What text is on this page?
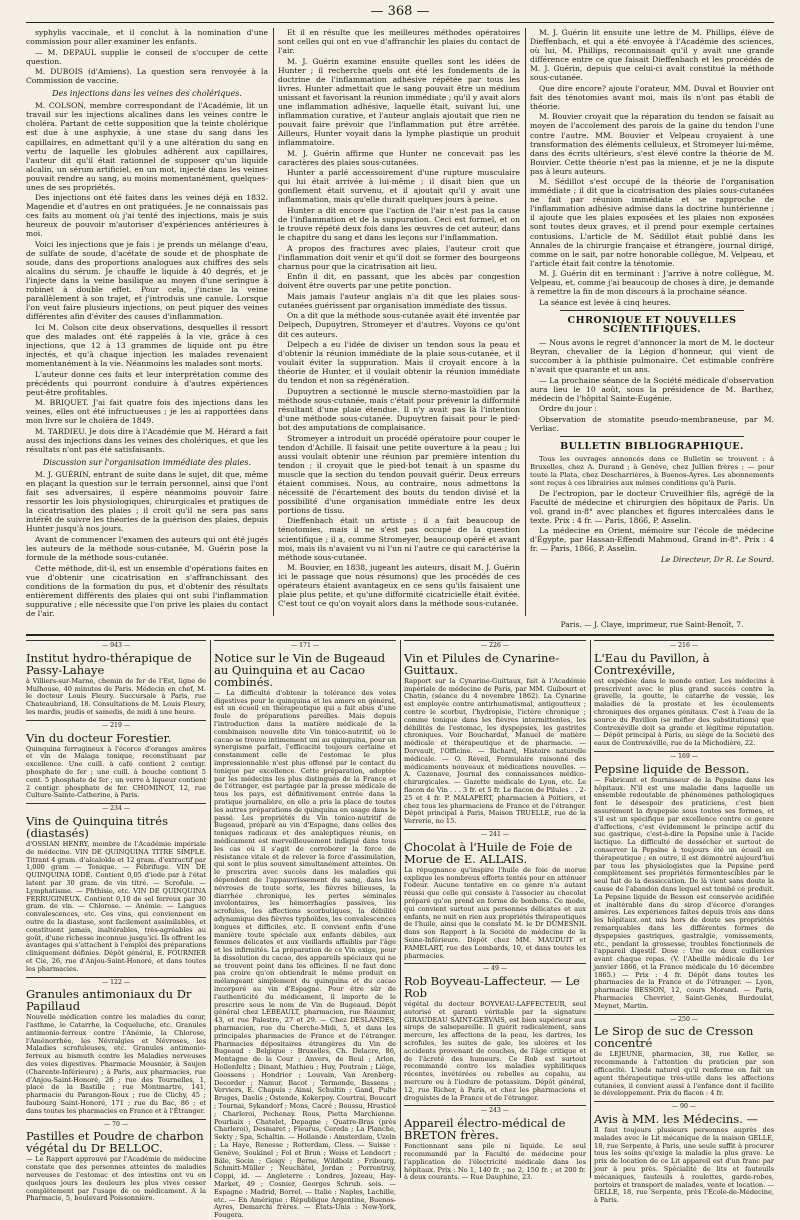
— 368 —

syphylis vaccinale, et il conclut à la nomination d'une commission pour aller examiner les enfants.

— M. DEPAUL supplie le conseil de s'occuper de cette question.

M. DUBOIS (d'Amiens). La question sera renvoyée à la Commission de vaccine.

Des injections dans les veines des cholériques.

M. COLSON, membre correspondant de l'Académie, lit un travail sur les injections alcalines dans les veines contre le choléra. Partant de cette supposition que la teinte cholérique est due à une asphyxie, à une stase du sang dans les capillaires, en admettant qu'il y a une altération du sang en vertu de laquelle les globules adhèrent aux capillaires, l'auteur dit qu'il était rationnel de supposer qu'un liquide alcalin, un sérum artificiel, en un mot, injecté dans les veines pouvait rendre au sang, au moins momentanément, quelques-unes de ses propriétés.

Des injections ont été faites dans les veines déjà en 1832. Magendie et d'autres en ont pratiquées. Je ne connaissais pas ces faits au moment où j'ai tenté des injections, mais je suis heureux de pouvoir m'autoriser d'expériences antérieures à moi.

Voici les injections que je fais : je prends un mélange d'eau, de sulfate de soude, d'acétate de soude et de phosphate de soude, dans des proportions analogues aux chiffres des sels alcalins du sérum. Je chauffe le liquide à 40 degrés, et je l'injecte dans la veine basilique au moyen d'une seringue à robinet à double effet. Pour cela, j'incise la veine parallèlement à son trajet, et j'introduis une canule. Lorsque l'on veut faire plusieurs injections, on peut piquer des veines différentes afin d'éviter des causes d'inflammation.

Ici M. Colson cite deux observations, desquelles il ressort que des malades ont été rappelés à la vie, grâce à ces injections, que 12 à 13 grammes de liquide ont pu être injectés, et qu'à chaque injection les malades revenaient momentanément à la vie. Néanmoins les malades sont morts.

L'auteur donne ces faits et leur interprétation comme des précédents qui pourront conduire à d'autres expériences peut-être profitables.

M. BRIQUET. J'ai fait quatre fois des injections dans les veines, elles ont été infructueuses ; je les ai rapportées dans mon livre sur le choléra de 1849.

M. TARDIEU. Je dois dire à l'Académie que M. Hérard a fait aussi des injections dans les veines des cholériques, et que les résultats n'ont pas été satisfaisants.

Discussion sur l'organisation immédiate des plaies.

M. J. GUÉRIN, entrant de suite dans le sujet, dit que, même en plaçant la question sur le terrain personnel, ainsi que l'ont fait ses adversaires, il espère néanmoins pouvoir faire ressortir les lois physiologiques, chirurgicales et pratiques de la cicatrisation des plaies ; il croit qu'il ne sera pas sans intérêt de suivre les théories de la guérison des plaies, depuis Hunter jusqu'à nos jours.

Avant de commencer l'examen des auteurs qui ont été jugés les auteurs de la méthode sous-cutanée, M. Guérin pose la formule de la méthode sous-cutanée.

Cette méthode, dit-il, est un ensemble d'opérations faites en vue d'obtenir une cicatrisation en s'affranchissant des conditions de la formation du pus, et d'obtenir des résultats entièrement différents des plaies qui ont subi l'inflammation suppurative ; elle nécessite que l'on prive les plaies du contact de l'air.

Et il en résulte que les meilleures méthodes opératoires sont celles qui ont en vue d'affranchir les plaies du contact de l'air.

M. J. Guérin examine ensuite quelles sont les idées de Hunter ; il recherche quels ont été les fondements de la doctrine de l'inflammation adhésive répétée par tous les livres. Hunter admettait que le sang pouvait être un médium unissant et favorisant la réunion immédiate ; qu'il y avait alors une inflammation adhésive, laquelle était, suivant lui, une inflammation curative, et l'auteur anglais ajoutait que rien ne pouvait faire prévoir que l'inflammation put être arrêtée. Ailleurs, Hunter voyait dans la lymphe plastique un produit inflammatoire.

M. J. Guérin affirme que Hunter ne concevait pas les caractères des plaies sous-cutanées.

Hunter a parlé accessoirement d'une rupture musculaire qui lui était arrivée à lui-même ; il disait bien que un gonflement était survenu, et il ajoutait qu'il y avait une inflammation, mais qu'elle durait quelques jours à peine.

Hunter a dit encore que l'action de l'air n'est pas la cause de l'inflammation et de la suppuration. Ceci est formel, et on le trouve répété deux fois dans les œuvres de cet auteur, dans le chapitre du sang et dans les leçons sur l'inflammation.

A propos des fractures avec plaies, l'auteur croit que l'inflammation doit venir et qu'il doit se former des bourgeons charnus pour que la cicatrisation ait lieu.

Enfin il dit, en passant, que les abcès par congestion doivent être ouverts par une petite ponction.

Mais jamais l'auteur anglais n'a dit que les plaies sous-cutanées guérissent par organisation immédiate des tissus.

On a dit que la méthode sous-cutanée avait été inventée par Delpech, Dupuytren, Stromeyer et d'autres. Voyons ce qu'ont dit ces auteurs.

Delpech a eu l'idée de diviser un tendon sous la peau et d'obtenir la réunion immédiate de la plaie sous-cutanée, et il voulait éviter la suppuration. Mais il croyait encore à la théorie de Hunter, et il voulait obtenir la réunion immédiate du tendon et non sa régénération.

Dupuytren a sectionné le muscle sterno-mastoïdien par la méthode sous-cutanée, mais c'était pour prévenir la difformité résultant d'une plaie étendue. Il n'y avait pas là l'intention d'une méthode sous-cutanée. Dupuytren faisait pour le pied-bot des amputations de complaisance.

Stromeyer a introduit un procédé opératoire pour couper le tendon d'Achille. Il faisait une petite ouverture à la peau ; lui aussi voulait obtenir une réunion par première intention du tendon ; il croyait que le pied-bot tenait à un spasme du muscle que la section du tendon pouvait guérir. Deux erreurs étaient commises. Nous, au contraire, nous admettons la nécessité de l'écartement des bouts du tendon divisé et la possibilité d'une organisation immédiate entre les deux portions de tissu.

Dieffenbach était un artiste ; il a fait beaucoup de ténotomies, mais il ne s'est pas occupé de la question scientifique ; il a, comme Stromeyer, beaucoup opéré et avant moi, mais ils n'avaient vu ni l'un ni l'autre ce qui caractérise la méthode sous-cutanée.

M. Bouvier, en 1838, jugeant les auteurs, disait M. J. Guérin ici le passage que nous résumons) que les procédés de ces opérateurs étaient avantageux en ce sens qu'ils faisaient une plaie plus petite, et qu'une difformité cicatricielle était évitée. C'est tout ce qu'on voyait alors dans la méthode sous-cutanée.

M. J. Guérin lit ensuite une lettre de M. Phillips, élève de Dieffenbach, et qui a été envoyée à l'Académie des sciences, où lui, M. Phillips, reconnaissait qu'il y avait une grande différence entre ce que faisait Dieffenbach et les procédés de M. J. Guérin, depuis que celui-ci avait constitué la méthode sous-cutanée.

Que dire encore? ajoute l'orateur, MM. Duval et Bouvier ont fait des ténotomies avant moi, mais ils n'ont pas établi de théorie.

M. Bouvier croyait que la réparation du tendon se faisait au moyen de l'accolement des parois de la gaine du tendon l'une contre l'autre. MM. Bouvier et Velpeau croyaient à une transformation des éléments celluleux, et Stromeyer lui-même, dans des écrits ultérieurs, s'est élevé contre la théorie de M. Bouvier. Cette théorie n'est pas la mienne, et je ne la dispute pas à leurs auteurs.

M. Sédillot s'est occupé de la théorie de l'organisation immédiate ; il dit que la cicatrisation des plaies sous-cutanées ne fait par réunion immédiate et se rapproche de l'inflammation adhésive admise dans la doctrine huntérienne ; il ajoute que les plaies exposées et les plaies non exposées sont toutes deux graves, et il prend pour exemple certaines contusions. L'article de M. Sédillot était publié dans les Annales de la chirurgie française et étrangère, journal dirigé, comme on le sait, par notre honorable collègue, M. Velpeau, et l'article était fait contre la ténotomie.

M. J. Guérin dit en terminant : J'arrive à notre collègue, M. Velpeau, et, comme j'ai beaucoup de choses à dire, je demande à remettre la fin de mon discours à la prochaine séance.

La séance est levée à cinq heures.

CHRONIQUE ET NOUVELLES SCIENTIFIQUES.

— Nous avons le regret d'annoncer la mort de M. le docteur Beyran, chevalier de la Légion d'honneur, qui vient de succomber à la phthisie pulmonaire. Cet estimable confrère n'avait que quarante et un ans.

— La prochaine séance de la Société médicale d'observation aura lieu le 10 août, sous la présidence de M. Barthez, médecin de l'hôpital Sainte-Eugénie.

Ordre du jour :

Observation de stomatite pseudo-membraneuse, par M. Verliac.

BULLETIN BIBLIOGRAPHIQUE.

Tous les ouvrages annoncés dans ce Bulletin se trouvent : à Bruxelles, chez A. Durand ; à Genève, chez Jullien frères ; — pour toute la Plata, chez Descharrières, à Buenos-Ayres. Les abonnements sont reçus à ces librairies aux mêmes conditions qu'à Paris.

De l'ectropion, par le docteur Cruveilhier fils, agrégé de la Faculté de médecine et chirurgien des hôpitaux de Paris. Un vol. grand in-8° avec planches et figures intercalées dans le texte. Prix : 4 fr. — Paris, 1866, P. Asselin.

La médecine en Orient, mémoire sur l'école de médecine d'Égypte, par Hassan-Effendi Mahmoud, Grand in-8°. Prix : 4 fr. — Paris, 1866, P. Asselin.

Le Directeur, Dr R. Le Sourd.

Paris. — J. Claye, imprimeur, rue Saint-Benoît, 7.
— 943 —
Institut hydro-thérapique de Passy-Lahaye

à Villiers-sur-Marne, chemin de fer de l'Est, ligne de Mulhouse, 40 minutes de Paris. Médecin en chef, M. le docteur Louis Fleury. Succursale à Paris, rue Chateaubriand, 18. Consultations de M. Louis Fleury, les mardis, jeudis et samedis, de midi à une heure.

— 219 —
Vin du docteur Forestier.

Quinquina ferrugineux à l'écorce d'oranges amères et vin de Malaga tonique, reconstituant par excellence. Une cuill. à café contient 2 centigr. phosphate de fer ; une cuill. à bouche contient 5 cent. 5 phosphate de fer ; un verre à liqueur contient 2 centigr. phosphate de fer. CHOMINOT, 12, rue Culture-Sainte-Catherine, à Paris.

— 234 —
Vins de Quinquina titrés (diastasés)

d'OSSIAN HENRY, membre de l'Académie impériale de médecine. VIN DE QUINQUINA TITRE SIMPLE. Titrant 4 gram. d'alcaloïde et 12 gram. d'extractif par 1,000 gram — Tonique. — Fébrifuge. VIN DE QUINQUINA IODÉ. Contient 0,05 d'iode par à l'état latent par 30 gram. de vin titré. — Scrofule. — Lymphatisme. — Phthisie, etc. VIN DE QUINQUINA FERRUGINEUX. Contient 0,10 de sel ferreux par 30 gram. de vin. — Chlorose. — Anémie. — Langues convalescences, etc. Ces vins, qui conviennent en outre de la diastase, sont facilement assimilables, et constituent jamais, inaltérables, très-agréables au goût, d'une richesse inconnue jusqu'ici. Ils offrent les avantages qui s'attachent à l'emploi des préparations cliniquement définies. Dépôt général, E. FOURNIER et Cie, 26, rue d'Anjou-Saint-Honoré, et dans toutes les pharmacies.

— 122 —
Granules antimoniaux du Dr Papillaud

Nouvelle médication contre les maladies du cœur, l'asthme, le Catarrhe, la Coqueluche, etc. Granules antimonio-ferreux contre l'Anémie, la Chlorose, l'Aménorrhée, les Névralgies et Névroses, les Maladies scrofuleuses, etc. Granules antimonio-ferreux au bismuth contre les Maladies nerveuses des voies digestives. Pharmacie Mousnier, à Saujon (Charente-Inférieure) ; à Paris, aux pharmacies, rue d'Anjou-Saint-Honoré, 26 ; rue des Tournelles, 1, place de la Bastille ; rue Montmartre, 141, pharmacie du Parangon-Roux ; rue de Clichy, 45 ; faubourg Saint-Honoré, 171 ; rue du Bac, 86 ; et dans toutes les pharmacies en France et à l'Étranger.

— 70 —
Pastilles et Poudre de charbon végétal du Dr BELLOC.

— Le Rapport approuvé par l'Académie de médecine constate que des personnes atteintes de maladies nerveuses de l'estomac et des intestins ont vu en quelques jours les douleurs les plus vives cesser complètement par l'usage de ce médicament. A la Pharmacie, 5, boulevard Poissonnière.

— 171 —
Notice sur le Vin de Bugeaud au Quinquina et au Cacao combinés.

— La difficulté d'obtenir la tolérance des voies digestives pour le quinquina et les amers en général, est un écueil en thérapeutique qui a fait abus d'une foule de préparations pareilles. Mais depuis l'introduction dans la matière médicale de la combinaison nouvelle dite Vin tonico-nutritif, où le cacao se trouve intimement uni au quinquina, pour un synergisme parfait, l'efficacité toujours certaine et constamment celle de l'estomac le plus impressionnable n'est plus offensé par le contact du tonique par excellence. Cette préparation, adoptée par les médecins les plus distingués de la France et de l'étranger, est partagée par la presse médicale de tous les pays, est définitivement entrée dans la pratique journalière, en elle a pris la place de toutes les autres préparations de quinquina en usage dans le passé. Les propriétés du Vin tonico-nutritif de Bugeaud, préparé au vin d'Espagne, dans celles des toniques radicaux et des analeptiques réunis, en médicament est merveilleusement indiqué dans tous les cas où il s'agit de corroborer la force de résistance vitale et de relever la force d'assimilation, qui sont le plus souvent simultanément atteintes. On le prescrira avec succès dans les maladies qui dépendent de l'appauvrissement du sang, dans les névroses de toute sorte, les fièvres bilieuses, la diarrhée chronique, les pertes séminales involontaires, les hémorrhagies passives, les scrofules, les affections scorbutiques, la débilité adynamique des fièvres typhoïdes, les convalescences longues et difficiles, etc. Il convient enfin d'une manière toute spéciale aux enfants débiles, aux femmes délicates et aux vieillards affaiblis par l'âge et les infirmités. La préparation de ce Vin exige, pour la dissolution du cacao, des appareils spéciaux qui ne se trouvent point dans les officines. Il ne faut donc pas croire qu'on obtiendrait le même produit en mélangeant simplement du quinquina et du cacao incorporé au vin d'Espagne. Pour être sûr de l'authenticité du médicament, il importe de le prescrire sous le nom de Vin de Bugeaud. Dépôt général chez LEBEAULT, pharmacien, rue Réaumur, 43, et rue Palestro, 27 et 29. — Chez DESLANDES, pharmacien, rue du Cherche-Midi, 5, et dans les principales pharmacies de France et de l'étranger. Pharmacies dépositaires étrangères du Vin de Bugeaud : Belgique : Bruxelles, Ch. Delacre, 86, Montagne de la Cour ; Anvers, de Beul ; Arlon, Hollenfeltz ; Dinant, Mathieu ; Huy, Poutrain ; Liège, Goossens ; Hondrior ; Louvain, Van Arenberg-Decorder ; Namur, Bacot ; Termonde, Bassens ; Verviers, E. Chapuis ; Ainsi, Schultin ; Gand, Pulte Bruges, Daelis ; Ostende, Kokerpoy. Courtrai, Boucart ; Tournai, Sykandorf ; Mons, Cacré ; Boussu, Hrusticé ; Charleroi, Pechenay. Rous, Pietta Marchienne. Pourbaix ; Chatelet, Depagne ; Quatre-Bras (près Charleroi), Desmaret ; Fleurus, Cereda ; La Planche, Sekty ; Spa, Schaltin. — Hollande : Amsterdam, Uzeln ; La Haye, Renesse ; Rotterdam, Cless. — Suisse : Genève, Soukinel ; Fol et Brun ; Weiss et Lendecrt ; Bâle, Socin ; Geigy ; Berne, Wildbolz ; Fribourg, Schmitt-Müller ; Neuchâtel, Jordan ; Porrentruy, Coppi, id. — Angleterre : Londres, Jozeau, Hay-Market, 49 ; Cosnier, Georges Schrub. sois. — Espagne : Madrid, Borrel. — Italie : Naples, Lachille, etc. — En Amérique : République Argentine, Buenos-Ayres, Demarchi frères. — États-Unis : New-York, Fougera.

— 226 —
Vin et Pilules de Cynarine-Guittaux.

Rapport sur la Cynarine-Guittaux, fait à l'Académie impériale de médecine de Paris, par MM. Guibourt et Chatin, (séance du 4 novembre 1862). La Cynarine est employée contre antirhumatismal, antigoutteux ; contre le scorbut, l'hydropisie, l'ictère chronique ; comme tonique dans les fièvres intermittentes, les débilités de l'estomac, les dyspepsies, les gastrites chroniques. Voir Bouchardat, Manuel de matière médicale et thérapeutique et de pharmacie. — Dorvault, l'Officine. — Richard, Histoire naturelle médicale. — O. Réveil, Formulaire raisonné des médicaments nouveaux et médications nouvelles. — A. Cazenave, Journal des connaissances médico-chirurgicales. — Gazette médicale de Lyon, etc. Le flacon de Vin . . . 3 fr. et 5 fr. Le flacon de Pilules . . 2-25 et 4 fr. P. MALAPERT, pharmacien à Poitiers, et chez tous les pharmaciens de France et de l'étranger. Dépôt principal à Paris, Maison TRUELLE, rue de la Verrerie, no 15.

— 241 —
Chocolat à l'Huile de Foie de Morue de E. ALLAIS.

La répugnance qu'inspire l'huile de foie de morue explique les nombreux efforts tentés pour en atténuer l'odeur. Aucune tentative en ce genre n'a autant réussi que celle qui consiste à l'associer au chocolat préparé qu'on prend en forme de bonbons. Ce mode, qui convient surtout aux personnes délicates et aux enfants, ne nuit en rien aux propriétés thérapeutiques de l'huile, ainsi que le constate M. le Dr DUMESNIL dans son Rapport à la Société de médecine de la Seine-Inférieure. Dépôt chez MM. MAUDUIT et FAMELART, rue des Lombards, 10, et dans toutes les pharmacies.

— 49 —
Rob Boyveau-Laffecteur. — Le Rob

végétal du docteur BOYVEAU-LAFFECTEUR, seul autorisé et garanti véritable par la signature GIRAUDEAU SAINT-GERVAIS, est bien supérieur aux sirops de salsepareille. Il guérit radicalement, sans mercure, les affections de la peau, les dartres, les scrofules, les suites de gale, les ulcères et les accidents provenant de couches, de l'âge critique et de l'âcreté des humeurs. Ce Rob est surtout recommandé contre les maladies syphilitiques récentes, invétérées ou rebelles au copahu, au mercure ou à l'iodure de potassium. Dépôt général, 12, rue Richer, à Paris, et chez les pharmaciens et droguistes de la France et de l'étranger.

— 243 —
Appareil électro-médical de BRETON frères.

Fonctionnant sans pile ni liquide. Le seul recommandé par la Faculté de médecine pour l'application de l'électricité médicale dans les hôpitaux. Prix : No 1, 140 fr. ; no 2, 150 fr. ; et 200 fr. à deux courants. — Rue Dauphine, 23.

— 216 —
L'Eau du Pavillon, à Contrexéville,

est expédiée dans le monde entier. Les médecins à prescrivent avec le plus grand succès contre la gravelle, la goutte, le catarrhe de vessie, les maladies de la prostate et les écoulements chroniques des organes génitaux. C'est à l'eau de la source du Pavillon (se méfier des substitutions) que Contrexéville doit sa grande et légitime réputation. — Dépôt principal à Paris, au siège de la Société des eaux de Contrexéville, rue de la Michodière, 22.

— 169 —
Pepsine liquide de Besson.

— Fabricant et fournisseur de la Pepsine dans les hôpitaux. N'il est une maladie dans laquelle un ensemble redoutable de phénomènes pathologiques font le désespoir des praticiens, c'est bien assurément la dyspepsie sous toutes ses formes, et s'il est un spécifique par excellence contre ce genre d'affections, c'est évidemment le principe actif du suc gastrique, c'est-à-dire la Pepsine unie à l'acide lactique. La difficulté de dessécher et surtout de conserver la Pepsine à toujours été un écueil en thérapeutique ; en outre, il est démontré aujourd'hui par tous les physiologistes que la Pepsine perd complètement ses propriétés fermentescibles par le seul fait de la dessiccation. De là vient sans doute la cause de l'abandon dans lequel est tombé ce produit. La Pepsine liquide de Besson est conservée acidifiée et inaltérable dans du sirop d'écorce d'oranges amères. Les expériences faites depuis trois ans dans les hôpitaux ont mis hors de doute ses propriétés remarquables dans les différentes formes de dyspepsies gastriques, gastralgie, vomissements, etc., pendant la grossesse, troubles fonctionnels de l'appareil digestif. Dose : Une ou deux cuillerées avant chaque repas. (V. l'Abeille médicale du 1er janvier 1866, et la France médicale du 16 décembre 1865.) — Prix : 4 fr. Dépôt dans toutes les pharmacies de la France et de l'étranger. — Lyon, pharmacie BESSON, 12, cours Morand. — Paris, Pharmacies Chevrier, Saint-Genès, Burdoulat, Meynet, Martin.

— 250 —
Le Sirop de suc de Cresson concentré

de LEJEUNE, pharmacien, 38, rue Keller, se recommande à l'attention du praticien par son efficacité. L'iode naturel qu'il renferme en fait un agent thérapeutique très-utile dans les affections cutanées, il convient aussi à l'enfance dont il facilite le développement. Prix du flacon : 4 fr.

— 90 —
Avis à MM. les Médecins. —

Il faut toujours plusieurs personnes auprès des malades avec le Lit mécanique de la maison GELLE, 18, rue Serpente, à Paris, une seule suffit à procurer tous les soins qu'exige la maladie la plus grave. Le prix de location de ce Lit appareil est d'un franc par jour à peu près. Spécialité de lits et fauteuils mécaniques, fauteuils à roulettes, garde-robes, portoirs et transport de malades, vente et location. — GELLE, 18, rue Serpente, près l'École-de-Médecine, à Paris.
